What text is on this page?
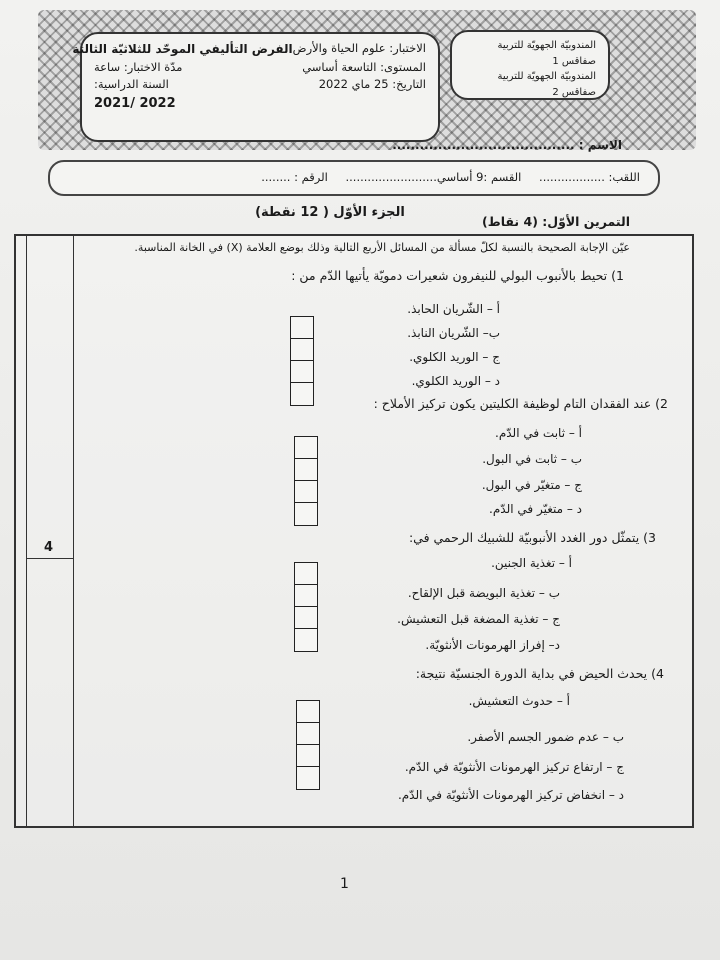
المندوبيّة الجهويّة للتربية صفاقس 1
المندوبيّة الجهويّة للتربية صفاقس 2
الاختبار: علوم الحياة والأرض
الفرض التأليفي الموحّد للثلاثيّة الثالثة
المستوى: التاسعة أساسي
مدّة الاختبار: ساعة
التاريخ: 25 ماي 2022
السنة الدراسية:
2022 /2021
الاسم : ........................................
اللقب: .................. القسم :9 أساسي......................... الرقم : ........
الجزء الأوّل ( 12 نقطة)
4
التمرين الأوّل: (4 نقاط)
عيّن الإجابة الصحيحة بالنسبة لكلّ مسألة من المسائل الأربع التالية وذلك بوضع العلامة (X) في الخانة المناسبة.
1) تحيط بالأنبوب البولي للنيفرون شعيرات دمويّة يأتيها الدّم من :
أ – الشّريان الحابذ.
ب– الشّريان النابذ.
ج – الوريد الكلوي.
د – الوريد الكلوي.
2) عند الفقدان التام لوظيفة الكليتين يكون تركيز الأملاح :
أ – ثابت في الدّم.
ب – ثابت في البول.
ج – متغيّر في البول.
د – متغيّر في الدّم.
3) يتمثّل دور الغدد الأنبوبيّة للشبيك الرحمي في:
أ – تغذية الجنين.
ب – تغذية البويضة قبل الإلقاح.
ج – تغذية المضغة قبل التعشيش.
د– إفراز الهرمونات الأنثويّة.
4) يحدث الحيض في بداية الدورة الجنسيّة نتيجة:
أ – حدوث التعشيش.
ب – عدم ضمور الجسم الأصفر.
ج – ارتفاع تركيز الهرمونات الأنثويّة في الدّم.
د – انخفاض تركيز الهرمونات الأنثويّة في الدّم.
1
